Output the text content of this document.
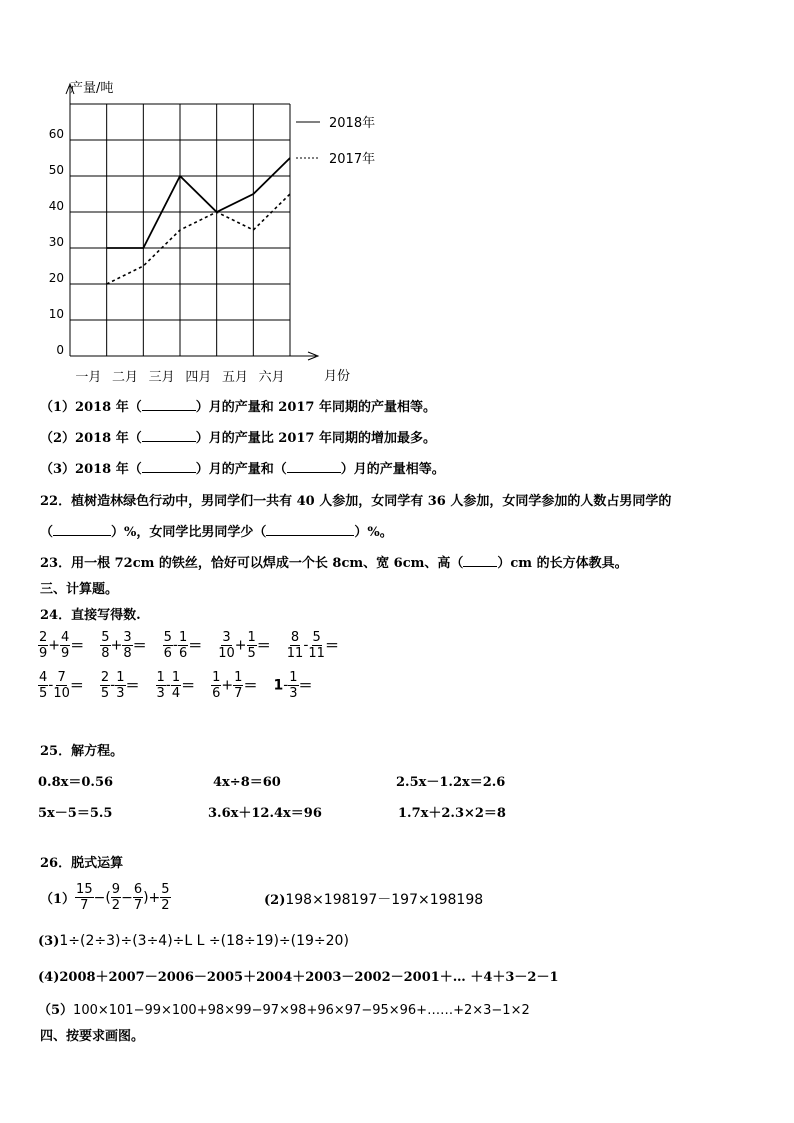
0
10
20
30
40
50
60
一月 二月 三月 四月 五月 六月
2018年
2017年
产量/吨
月份
（1）2018 年（	）月的产量和 2017 年同期的产量相等。
（2）2018 年（	）月的产量比 2017 年同期的增加最多。
（3）2018 年（	）月的产量和（	）月的产量相等。
22．植树造林绿色行动中，男同学们一共有 40 人参加，女同学有 36 人参加，女同学参加的人数占男同学的
（	）%，女同学比男同学少（	）%。
23．用一根 72cm 的铁丝，恰好可以焊成一个长 8cm、宽 6cm、高（	）cm 的长方体教具。
三、计算题。
24．直接写得数.
$\frac{2}{9} + \frac{4}{9} = \frac{5}{8} + \frac{3}{8} = \frac{5}{6} - \frac{1}{6} = \frac{3}{10} + \frac{1}{5} = \frac{8}{11} - \frac{5}{11}$ ＝
$\frac{4}{5} - \frac{7}{10} = \frac{2}{5} - \frac{1}{3} = \frac{1}{3} - \frac{1}{4} = \frac{1}{6} + \frac{1}{7} = 1- \frac{1}{3}$ ＝
25．解方程。
0.8x＝0.56	4x÷8＝60	2.5x－1.2x＝2.6
5x－5＝5.5	3.6x＋12.4x＝96	1.7x＋2.3×2＝8
26．脱式运算
$(1) \frac{15}{7}$ −( $\frac{9}{2} - \frac{6}{7}$ )+ $\frac{5}{2}$	(2)198×198197－197×198198
(3)1÷(2÷3)÷(3÷4)÷L L ÷(18÷19)÷(19÷20)
(4)2008＋2007－2006－2005＋2004＋2003－2002－2001＋… ＋4＋3－2－1
（5）100×101−99×100+98×99−97×98+96×97−95×96+……+2×3−1×2
四、按要求画图。
